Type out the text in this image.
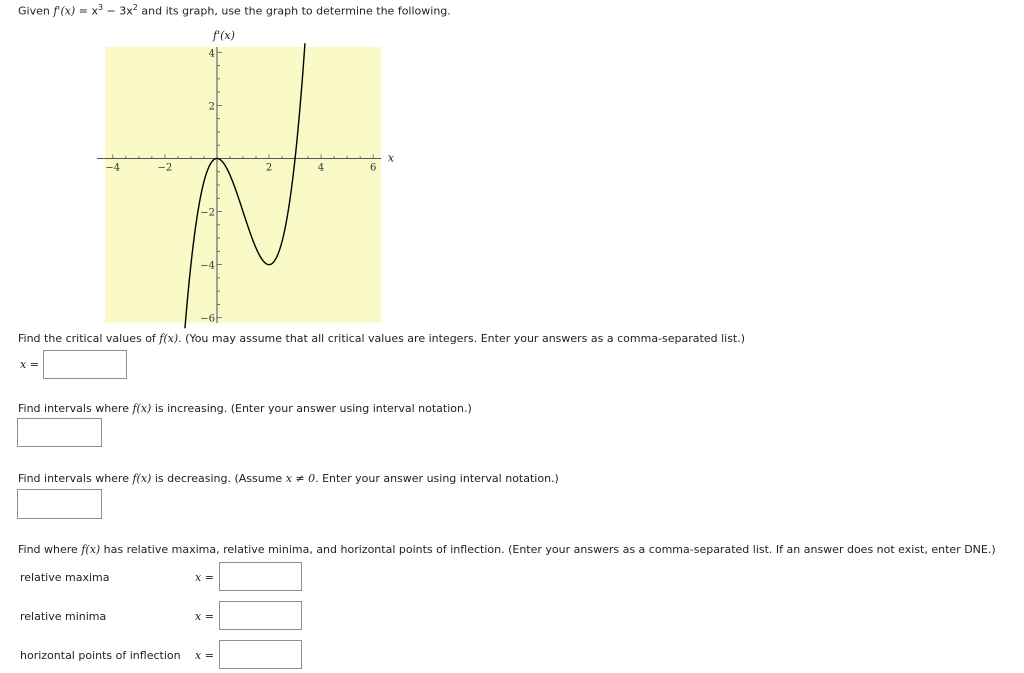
Given $f'(x) = x^3 - 3x^2$ and its graph, use the graph to determine the following.
−4	−2	2	4	6
4
2
−2
−4
−6
f'(x)
x
Find the critical values of f(x). (You may assume that all critical values are integers. Enter your answers as a comma-separated list.)
x =
Find intervals where f(x) is increasing. (Enter your answer using interval notation.)
Find intervals where f(x) is decreasing. (Assume x ≠ 0. Enter your answer using interval notation.)
Find where f(x) has relative maxima, relative minima, and horizontal points of inflection. (Enter your answers as a comma-separated list. If an answer does not exist, enter DNE.)
relative maxima	x =
relative minima	x =
horizontal points of inflection x =
